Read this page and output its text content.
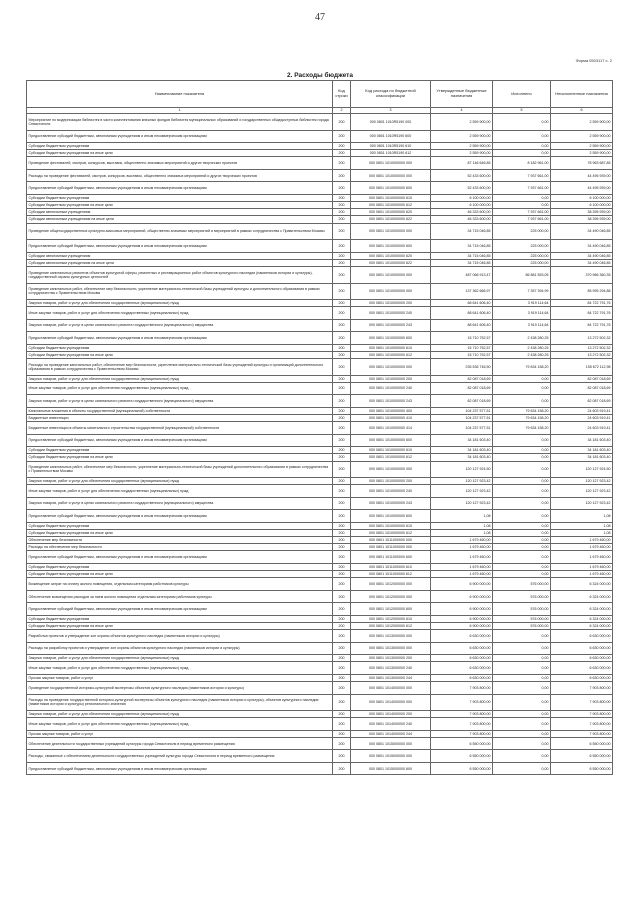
47
Форма 0503117 с. 2
2. Расходы бюджета
Наименование показателя	Код строки	Код расхода по бюджетной классификации	Утвержденные бюджетные назначения	Исполнено	Неисполненные назначения
1	2	3	4	5	6
Мероприятие по модернизации библиотек в части комплектования книжных фондов библиотек муниципальных образований и государственных общедоступных библиотек города Севастополя	200	000 0801 1010R5190 000	2 559 900,00	0,00	2 559 900,00
Предоставление субсидий бюджетным, автономным учреждениям и иным некоммерческим организациям	200	000 0801 1010R5190 600	2 559 900,00	0,00	2 559 900,00
Субсидии бюджетным учреждениям	200	000 0801 1010R5190 610	2 559 900,00	0,00	2 559 900,00
Субсидии бюджетным учреждениям на иные цели	200	000 0801 1010R5190 612	2 559 900,00	0,00	2 559 900,00
Проведение фестивалей, смотров, конкурсов, выставок, общественно значимых мероприятий и других творческих проектов	200	000 0801 1010000000 000	87 146 646,85	8 182 961,00	78 963 687,85
Расходы на проведение фестивалей, смотров, конкурсов, выставок, общественно значимых мероприятий и других творческих проектов	200	000 0801 1010000000 000	52 433 600,00	7 937 661,00	44 495 939,00
Предоставление субсидий бюджетным, автономным учреждениям и иным некоммерческим организациям	200	000 0801 1010000000 600	52 433 600,00	7 937 661,00	44 495 939,00
Субсидии бюджетным учреждениям	200	000 0801 1010000000 610	6 100 000,00	0,00	6 100 000,00
Субсидии бюджетным учреждениям на иные цели	200	000 0801 1010000000 612	6 100 000,00	0,00	6 100 000,00
Субсидии автономным учреждениям	200	000 0801 1010000000 620	46 333 600,00	7 937 661,00	38 395 939,00
Субсидии автономным учреждениям на иные цели	200	000 0801 1010000000 622	46 333 600,00	7 937 661,00	38 395 939,00
Проведение общегосударственных культурно-массовых мероприятий, общественно значимых мероприятий и мероприятий в рамках сотрудничества с Правительством Москвы	200	000 0801 1010000000 000	34 715 046,85	225 000,00	34 490 046,85
Предоставление субсидий бюджетным, автономным учреждениям и иным некоммерческим организациям	200	000 0801 1010000000 600	34 715 046,85	225 000,00	34 490 046,85
Субсидии автономным учреждениям	200	000 0801 1010000000 620	34 715 046,85	225 000,00	34 490 046,85
Субсидии автономным учреждениям на иные цели	200	000 0801 1010000000 622	34 715 046,85	225 000,00	34 490 046,85
Проведение капитальных ремонтов объектов культурной сферы, ремонтных и реставрационных работ объектов культурного наследия (памятников истории и культуры), государственной охраны культурных ценностей	200	000 0801 1010000000 000	487 066 913,47	86 881 553,05	370 966 360,35
Проведение капитальных работ, обеспечение мер безопасности, укрепление материально-технической базы учреждений культуры и дополнительного образования в рамках сотрудничества с Правительством Москвы	200	000 0801 1010000000 000	137 362 666,97	7 357 394,99	85 995 294,88
Закупка товаров, работ и услуг для обеспечения государственных (муниципальных) нужд	200	000 0801 1010000000 200	68 641 606,40	3 919 114,64	84 722 791,76
Иные закупки товаров, работ и услуг для обеспечения государственных (муниципальных) нужд	200	000 0801 1010000000 240	88 641 606,40	3 919 114,64	84 722 791,76
Закупка товаров, работ и услуг в целях капитального ремонта государственного (муниципального) имущества	200	000 0801 1010000000 243	88 641 606,40	3 919 114,64	84 722 791,76
Предоставление субсидий бюджетным, автономным учреждениям и иным некоммерческим организациям	200	000 0801 1010000000 600	15 710 752,57	2 438 280,25	13 272 502,32
Субсидии бюджетным учреждениям	200	000 0801 1010000000 610	15 710 752,57	2 438 280,25	13 272 502,32
Субсидии бюджетным учреждениям на иные цели	200	000 0801 1010000000 612	15 710 752,57	2 438 280,25	13 272 502,32
Расходы на проведение капитальных работ, обеспечение мер безопасности, укрепление материально-технической базы учреждений культуры и организаций дополнительного образования в рамках сотрудничества с Правительством Москвы	200	000 0801 1010000000 000	235 536 746,50	79 634 158,20	155 672 112,98
Закупка товаров, работ и услуг для обеспечения государственных (муниципальных) нужд	200	000 0801 1010000000 200	82 087 018,69	0,00	82 087 018,69
Иные закупки товаров, работ и услуг для обеспечения государственных (муниципальных) нужд	200	000 0801 1010000000 240	82 087 018,69	0,00	82 087 018,69
Закупка товаров, работ и услуг в целях капитального ремонта государственного (муниципального) имущества	200	000 0801 1010000000 243	82 087 018,69	0,00	82 087 018,69
Капитальные вложения в объекты государственной (муниципальной) собственности	200	000 0801 1010000000 400	104 237 577,51	79 634 158,20	24 603 919,41
Бюджетные инвестиции	200	000 0801 1010000000 410	104 237 577,51	79 634 158,20	24 603 919,41
Бюджетные инвестиции в объекты капитального строительства государственной (муниципальной) собственности	200	000 0801 1010000000 414	104 237 577,51	79 634 158,20	24 603 919,41
Предоставление субсидий бюджетным, автономным учреждениям и иным некоммерческим организациям	200	000 0801 1010000000 600	34 181 603,40	0,00	34 181 603,40
Субсидии бюджетным учреждениям	200	000 0801 1010000000 610	34 181 603,40	0,00	34 181 603,40
Субсидии бюджетным учреждениям на иные цели	200	000 0801 1010000000 612	34 181 603,40	0,00	34 181 603,40
Проведение капитальных работ, обеспечение мер безопасности, укрепление материально-технической базы учреждений дополнительного образования в рамках сотрудничества с Правительством Москвы	200	000 0801 1010000000 000	120 127 924,50	0,00	120 127 924,50
Закупка товаров, работ и услуг для обеспечения государственных (муниципальных) нужд	200	000 0801 1010000000 200	120 127 923,42	0,00	120 127 923,42
Иные закупки товаров, работ и услуг для обеспечения государственных (муниципальных) нужд	200	000 0801 1010000000 240	120 127 923,42	0,00	120 127 923,42
Закупка товаров, работ и услуг в целях капитального ремонта государственного (муниципального) имущества	200	000 0801 1010000000 243	120 127 923,42	0,00	120 127 923,42
Предоставление субсидий бюджетным, автономным учреждениям и иным некоммерческим организациям	200	000 0801 1010000000 600	1,08	0,00	1,08
Субсидии бюджетным учреждениям	200	000 0801 1010000000 610	1,08	0,00	1,08
Субсидии бюджетным учреждениям на иные цели	200	000 0801 1010000000 612	1,08	0,00	1,08
Обеспечение мер безопасности	200	000 0801 1011000000 000	1 679 460,00	0,00	1 679 460,00
Расходы на обеспечение мер безопасности	200	000 0801 1011000000 000	1 679 460,00	0,00	1 679 460,00
Предоставление субсидий бюджетным, автономным учреждениям и иным некоммерческим организациям	200	000 0801 1011000000 600	1 679 460,00	0,00	1 679 460,00
Субсидии бюджетным учреждениям	200	000 0801 1011000000 610	1 679 460,00	0,00	1 679 460,00
Субсидии бюджетным учреждениям на иные цели	200	000 0801 1011000000 612	1 679 460,00	0,00	1 679 460,00
Возмещение затрат на оплату жилого помещения, отдельным категориям работников культуры	200	000 0801 1012000000 000	6 900 000,00	576 000,00	6 324 000,00
Обеспечение возмещения расходов за наем жилого помещения отдельным категориям работников культуры	200	000 0801 1012000000 000	6 900 000,00	576 000,00	6 324 000,00
Предоставление субсидий бюджетным, автономным учреждениям и иным некоммерческим организациям	200	000 0801 1012000000 600	6 900 000,00	576 000,00	6 324 000,00
Субсидии бюджетным учреждениям	200	000 0801 1012000000 610	6 900 000,00	576 000,00	6 324 000,00
Субсидии бюджетным учреждениям на иные цели	200	000 0801 1012000000 612	6 900 000,00	576 000,00	6 324 000,00
Разработка проектов и утверждение зон охраны объектов культурного наследия (памятников истории и культуры)	200	000 0801 1013000000 000	6 630 000,00	0,00	6 630 000,00
Расходы на разработку проектов и утверждение зон охраны объектов культурного наследия (памятников истории и культуры)	200	000 0801 1013000000 000	6 630 000,00	0,00	6 630 000,00
Закупка товаров, работ и услуг для обеспечения государственных (муниципальных) нужд	200	000 0801 1013000000 200	6 630 000,00	0,00	6 630 000,00
Иные закупки товаров, работ и услуг для обеспечения государственных (муниципальных) нужд	200	000 0801 1013000000 240	6 630 000,00	0,00	6 630 000,00
Прочая закупка товаров, работ и услуг	200	000 0801 1013000000 244	6 630 000,00	0,00	6 630 000,00
Проведение государственной историко-культурной экспертизы объектов культурного наследия (памятников истории и культуры)	200	000 0801 1014000000 000	7 903 800,00	0,00	7 903 800,00
Расходы на проведение государственной историко-культурной экспертизы объектов культурного наследия (памятников истории и культуры), объектов культурного наследия (памятников истории и культуры) регионального значения	200	000 0801 1014000000 000	7 903 800,00	0,00	7 903 800,00
Закупка товаров, работ и услуг для обеспечения государственных (муниципальных) нужд	200	000 0801 1014000000 200	7 903 800,00	0,00	7 903 800,00
Иные закупки товаров, работ и услуг для обеспечения государственных (муниципальных) нужд	200	000 0801 1014000000 240	7 903 800,00	0,00	7 903 800,00
Прочая закупка товаров, работ и услуг	200	000 0801 1014000000 244	7 903 800,00	0,00	7 903 800,00
Обеспечение деятельности государственных учреждений культуры города Севастополя в период временного размещения	200	000 0801 1015000000 000	6 550 000,00	0,00	6 550 000,00
Расходы, связанные с обеспечением деятельности государственных учреждений культуры города Севастополя в период временного размещения	200	000 0801 1015000000 000	6 550 000,00	0,00	6 550 000,00
Предоставление субсидий бюджетным, автономным учреждениям и иным некоммерческим организациям	200	000 0801 1015000000 600	6 550 000,00	0,00	6 550 000,00
